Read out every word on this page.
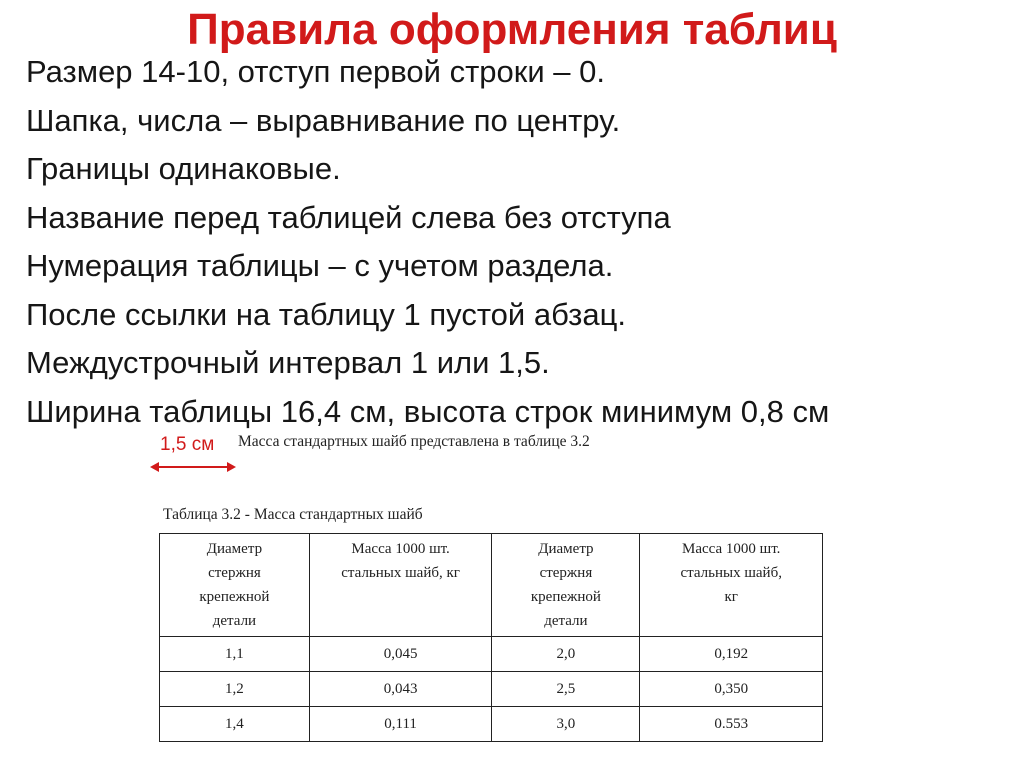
Правила оформления таблиц
Размер 14-10, отступ первой строки – 0.
Шапка, числа – выравнивание по центру.
Границы одинаковые.
Название перед таблицей слева без отступа
Нумерация таблицы – с учетом раздела.
После ссылки на таблицу 1 пустой абзац.
Междустрочный интервал 1 или 1,5.
Ширина таблицы 16,4 см, высота строк минимум 0,8 см
1,5 см Масса стандартных шайб представлена в таблице 3.2
Таблица 3.2 - Масса стандартных шайб
Диаметр
стержня
крепежной
детали	Масса 1000 шт.
стальных шайб, кг	Диаметр
стержня
крепежной
детали	Масса 1000 шт.
стальных шайб,
кг

1,1	0,045	2,0	0,192
1,2	0,043	2,5	0,350
1,4	0,111	3,0	0.553
